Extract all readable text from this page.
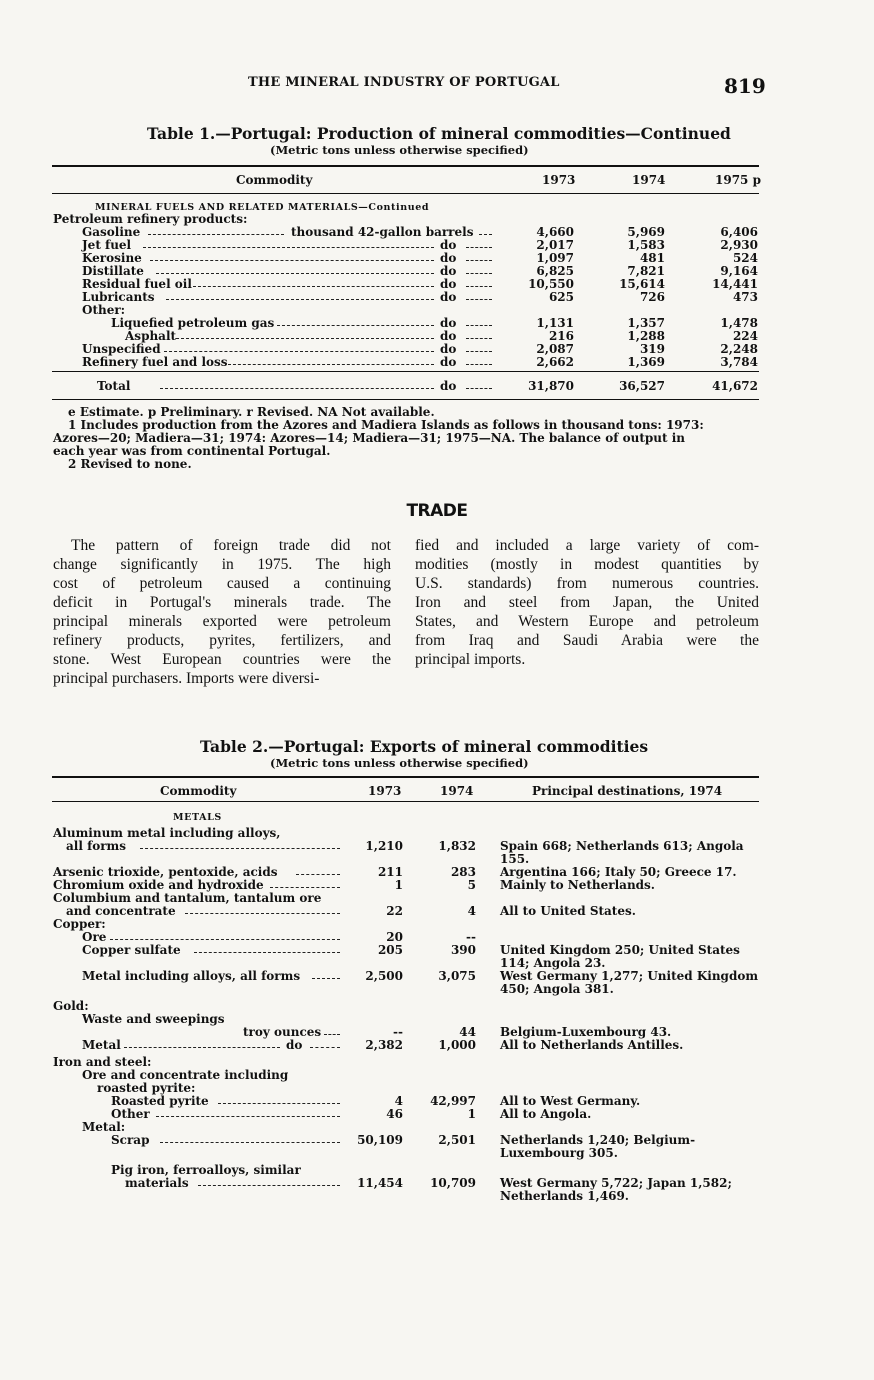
THE MINERAL INDUSTRY OF PORTUGAL	819
Table 1.—Portugal: Production of mineral commodities—Continued
(Metric tons unless otherwise specified)
Commodity	1973	1974	1975 p
MINERAL FUELS AND RELATED MATERIALS—Continued
Petroleum refinery products:
Gasoline	thousand 42-gallon barrels	4,660	5,969	6,406
Jet fuel	do	2,017	1,583	2,930
Kerosine	do	1,097	481	524
Distillate	do	6,825	7,821	9,164
Residual fuel oil	do	10,550	15,614	14,441
Lubricants	do	625	726	473
Other:
Liquefied petroleum gas	do	1,131	1,357	1,478
Asphalt	do	216	1,288	224
Unspecified	do	2,087	319	2,248
Refinery fuel and loss	do	2,662	1,369	3,784
Total	do	31,870	36,527	41,672
e Estimate. p Preliminary. r Revised. NA Not available.
1 Includes production from the Azores and Madiera Islands as follows in thousand tons: 1973:
Azores—20; Madiera—31; 1974: Azores—14; Madiera—31; 1975—NA. The balance of output in
each year was from continental Portugal.
2 Revised to none.
TRADE
The pattern of foreign trade did not
change significantly in 1975. The high
cost of petroleum caused a continuing
deficit in Portugal's minerals trade. The
principal minerals exported were petroleum
refinery products, pyrites, fertilizers, and
stone. West European countries were the
principal purchasers. Imports were diversi-
fied and included a large variety of com-
modities (mostly in modest quantities by
U.S. standards) from numerous countries.
Iron and steel from Japan, the United
States, and Western Europe and petroleum
from Iraq and Saudi Arabia were the
principal imports.
Table 2.—Portugal: Exports of mineral commodities
(Metric tons unless otherwise specified)
Commodity	1973	1974	Principal destinations, 1974
METALS
Aluminum metal including alloys,
all forms	1,210	1,832 Spain 668; Netherlands 613; Angola 155.
Arsenic trioxide, pentoxide, acids	211	283 Argentina 166; Italy 50; Greece 17.
Chromium oxide and hydroxide	1	5 Mainly to Netherlands.
Columbium and tantalum, tantalum ore
and concentrate	22	4 All to United States.
Copper:
Ore	20	--
Copper sulfate	205	390 United Kingdom 250; United States 114; Angola 23.
Metal including alloys, all forms	2,500	3,075 West Germany 1,277; United Kingdom 450; Angola 381.
Gold:
Waste and sweepings
troy ounces	--	44 Belgium-Luxembourg 43.
Metal	do	2,382	1,000 All to Netherlands Antilles.
Iron and steel:
Ore and concentrate including
roasted pyrite:
Roasted pyrite	4	42,997 All to West Germany.
Other	46	1 All to Angola.
Metal:
Scrap	50,109	2,501 Netherlands 1,240; Belgium-Luxembourg 305.
Pig iron, ferroalloys, similar
materials	11,454	10,709 West Germany 5,722; Japan 1,582; Netherlands 1,469.
